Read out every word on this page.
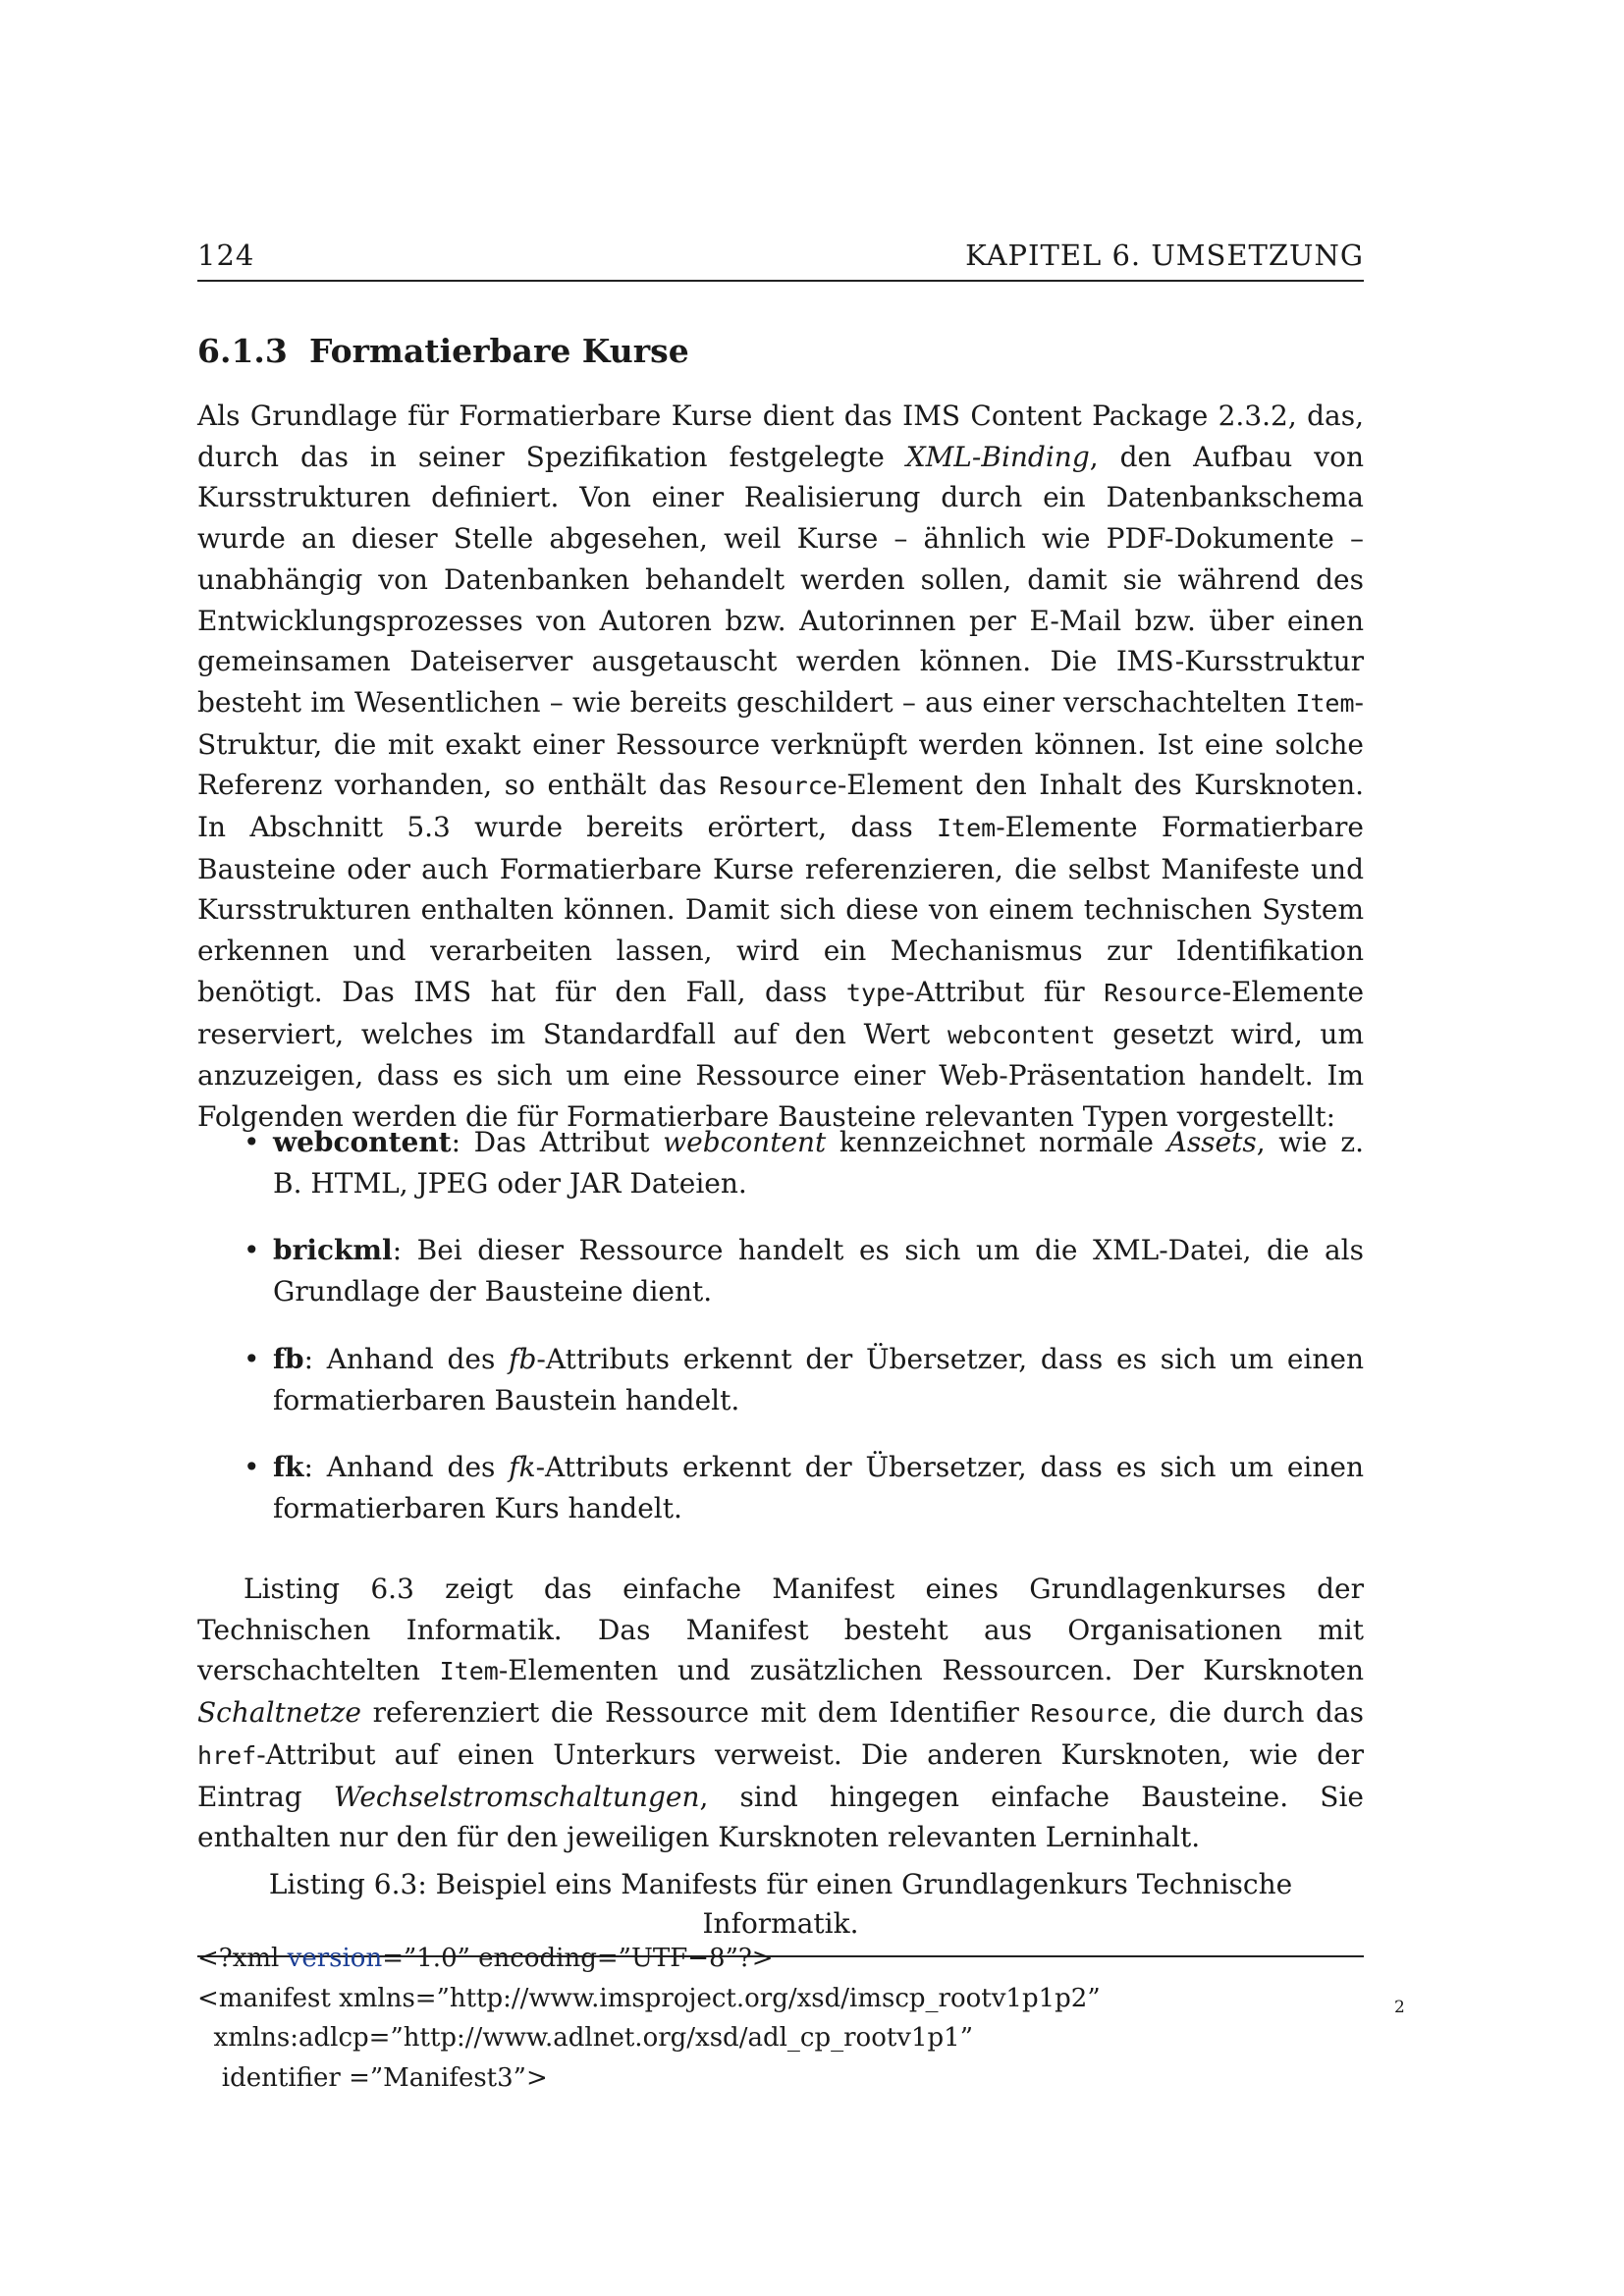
124	KAPITEL 6. UMSETZUNG
6.1.3 Formatierbare Kurse

Als Grundlage für Formatierbare Kurse dient das IMS Content Package 2.3.2, das, durch das in seiner Spezifikation festgelegte XML-Binding, den Aufbau von Kursstrukturen definiert. Von einer Realisierung durch ein Datenbankschema wurde an dieser Stelle abgesehen, weil Kurse – ähnlich wie PDF-Dokumente – unabhängig von Datenbanken behandelt werden sollen, damit sie während des Entwicklungsprozesses von Autoren bzw. Autorinnen per E-Mail bzw. über einen gemeinsamen Dateiserver ausgetauscht werden können. Die IMS-Kursstruktur besteht im Wesentlichen – wie bereits geschildert – aus einer verschachtelten Item-Struktur, die mit exakt einer Ressource verknüpft werden können. Ist eine solche Referenz vorhanden, so enthält das Resource-Element den Inhalt des Kursknoten. In Abschnitt 5.3 wurde bereits erörtert, dass Item-Elemente Formatierbare Bausteine oder auch Formatierbare Kurse referenzieren, die selbst Manifeste und Kursstrukturen enthalten können. Damit sich diese von einem technischen System erkennen und verarbeiten lassen, wird ein Mechanismus zur Identifikation benötigt. Das IMS hat für den Fall, dass type-Attribut für Resource-Elemente reserviert, welches im Standardfall auf den Wert webcontent gesetzt wird, um anzuzeigen, dass es sich um eine Ressource einer Web-Präsentation handelt. Im Folgenden werden die für Formatierbare Bausteine relevanten Typen vorgestellt:

• webcontent: Das Attribut webcontent kennzeichnet normale Assets, wie z. B. HTML, JPEG oder JAR Dateien.
• brickml: Bei dieser Ressource handelt es sich um die XML-Datei, die als Grundlage der Bausteine dient.
• fb: Anhand des fb-Attributs erkennt der Übersetzer, dass es sich um einen formatierbaren Baustein handelt.
• fk: Anhand des fk-Attributs erkennt der Übersetzer, dass es sich um einen formatierbaren Kurs handelt.

Listing 6.3 zeigt das einfache Manifest eines Grundlagenkurses der Technischen Informatik. Das Manifest besteht aus Organisationen mit verschachtelten Item-Elementen und zusätzlichen Ressourcen. Der Kursknoten Schaltnetze referenziert die Ressource mit dem Identifier Resource, die durch das href-Attribut auf einen Unterkurs verweist. Die anderen Kursknoten, wie der Eintrag Wechselstromschaltungen, sind hingegen einfache Bausteine. Sie enthalten nur den für den jeweiligen Kursknoten relevanten Lerninhalt.

Listing 6.3: Beispiel eins Manifests für einen Grundlagenkurs Technische Informatik.
<?xml version=”1.0” encoding=”UTF−8”?>
<manifest xmlns=”http://www.imsproject.org/xsd/imscp_rootv1p1p2”
xmlns:adlcp=”http://www.adlnet.org/xsd/adl_cp_rootv1p1”
identifier =”Manifest3”>
2
